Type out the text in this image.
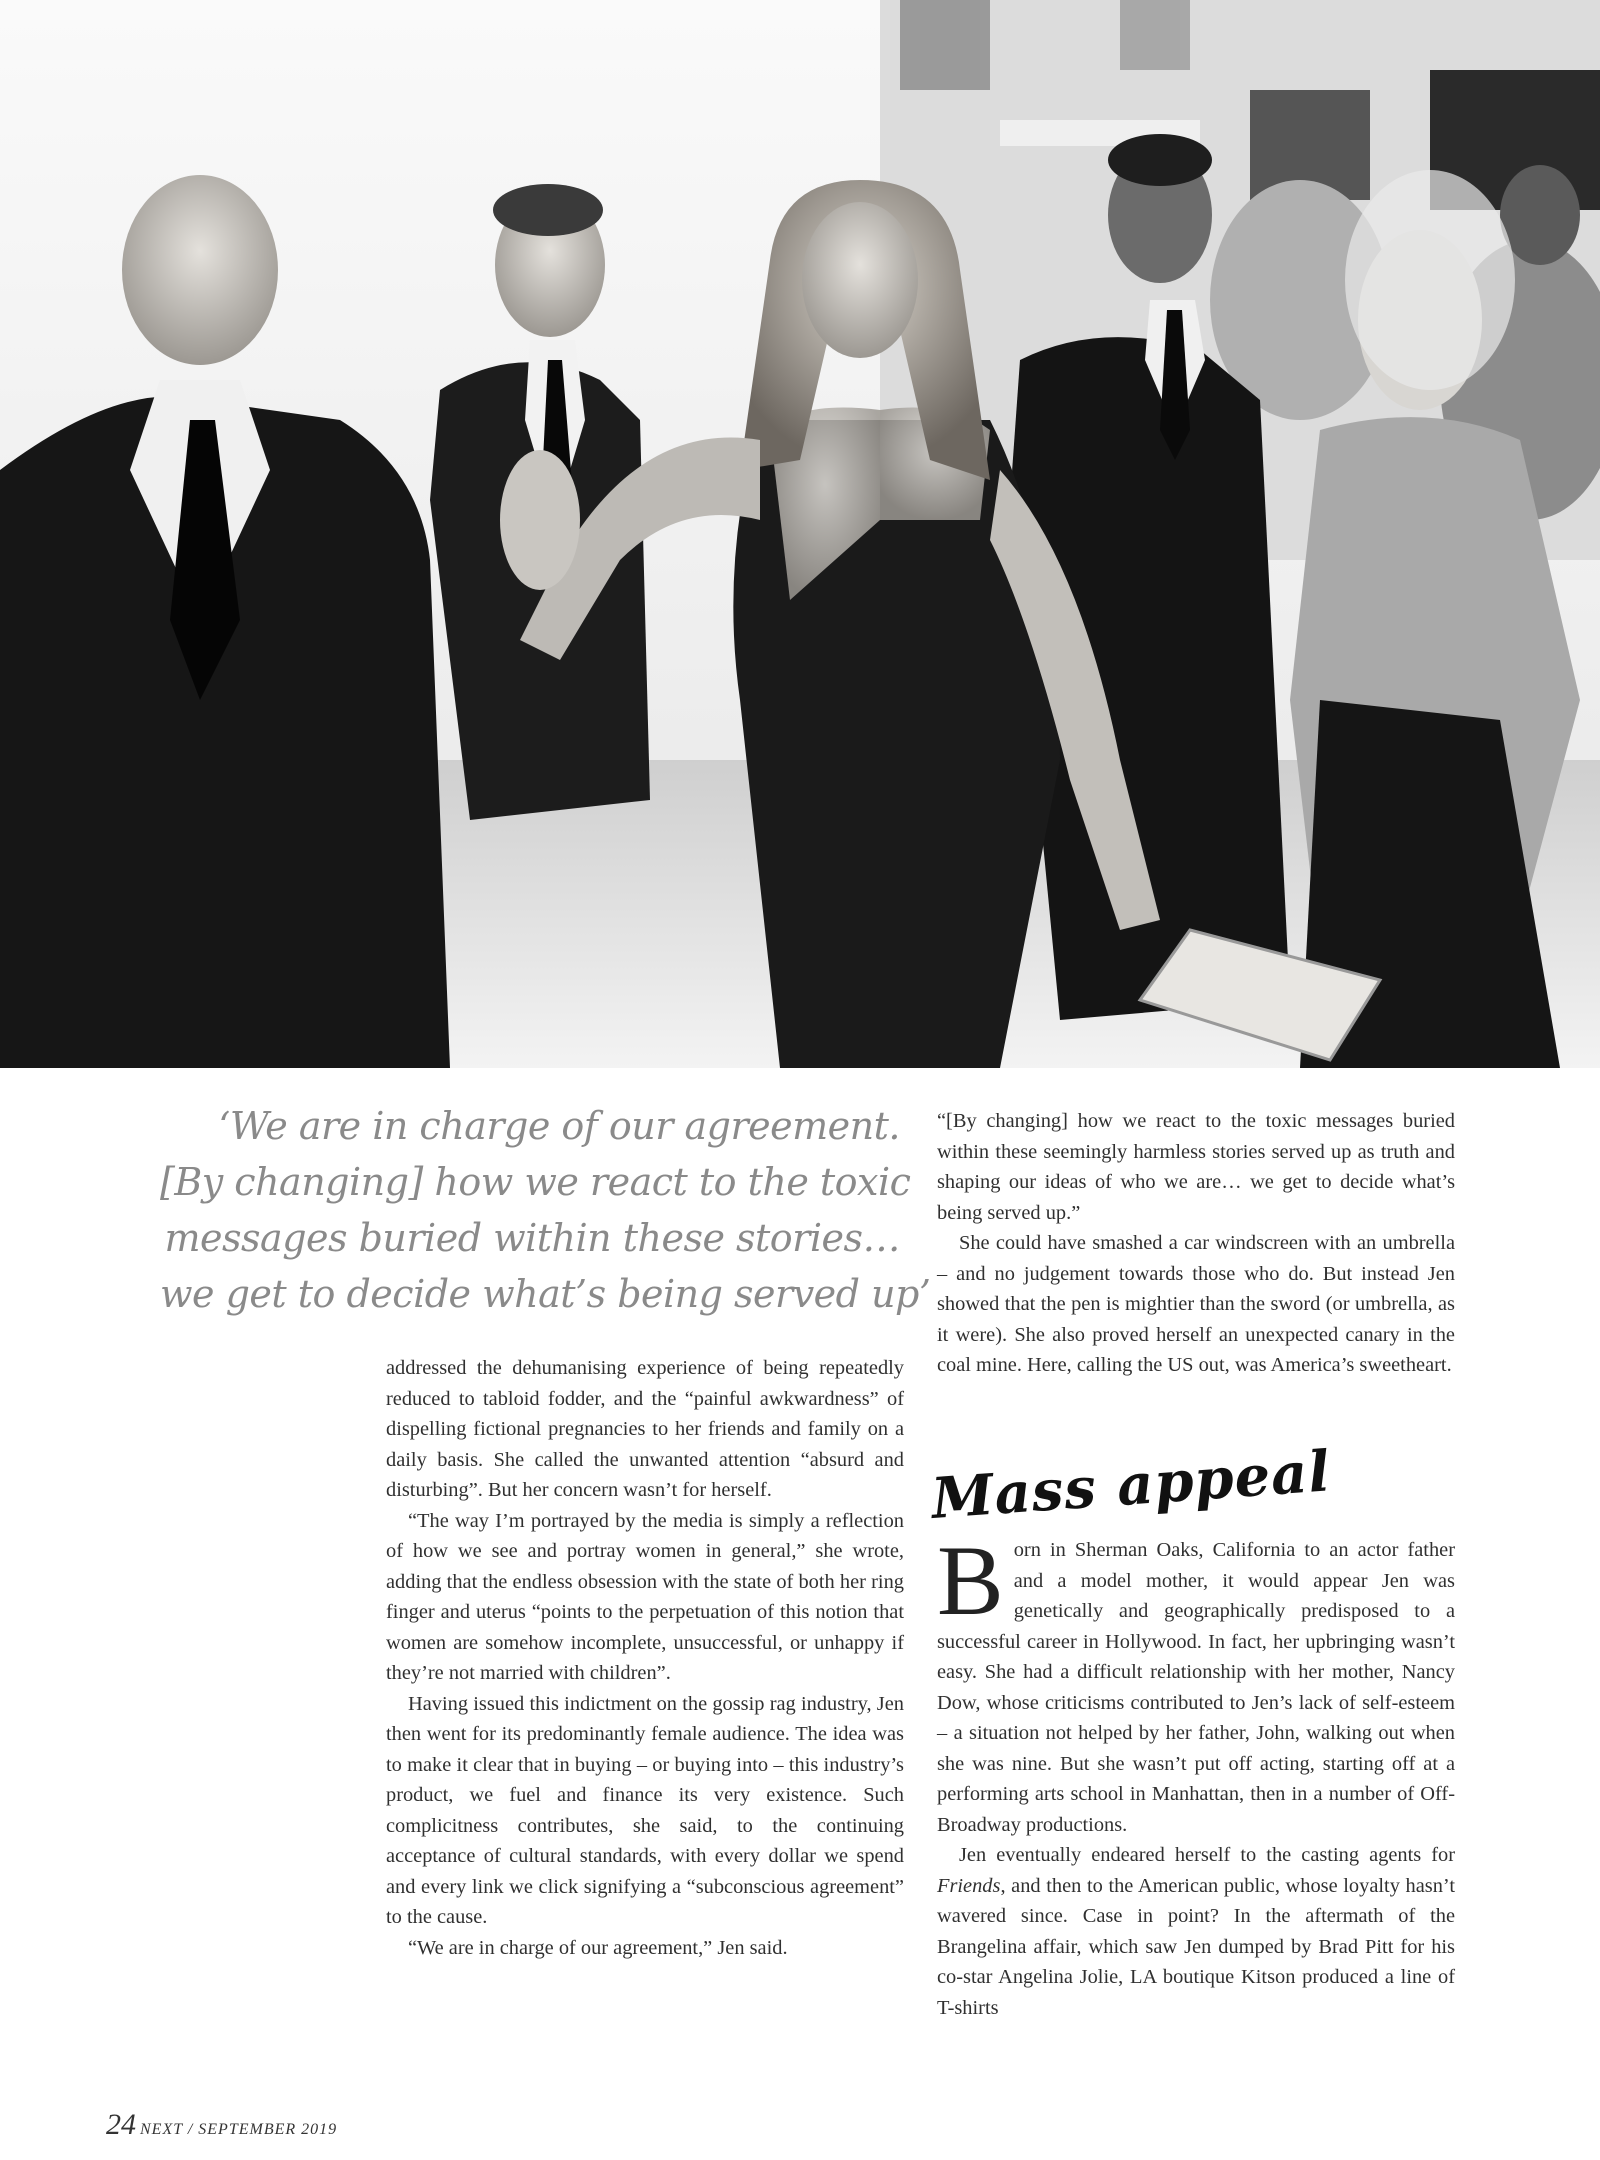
‘We are in charge of our agreement.
[By changing] how we react to the toxic
messages buried within these stories…
we get to decide what’s being served up’

addressed the dehumanising experience of being repeatedly reduced to tabloid fodder, and the “painful awkwardness” of dispelling fictional pregnancies to her friends and family on a daily basis. She called the unwanted attention “absurd and disturbing”. But her concern wasn’t for herself.

“The way I’m portrayed by the media is simply a reflection of how we see and portray women in general,” she wrote, adding that the endless obsession with the state of both her ring finger and uterus “points to the perpetuation of this notion that women are somehow incomplete, unsuccessful, or unhappy if they’re not married with children”.

Having issued this indictment on the gossip rag industry, Jen then went for its predominantly female audience. The idea was to make it clear that in buying – or buying into – this industry’s product, we fuel and finance its very existence. Such complicitness contributes, she said, to the continuing acceptance of cultural standards, with every dollar we spend and every link we click signifying a “subconscious agreement” to the cause.

“We are in charge of our agreement,” Jen said.

“[By changing] how we react to the toxic messages buried within these seemingly harmless stories served up as truth and shaping our ideas of who we are… we get to decide what’s being served up.”

She could have smashed a car windscreen with an umbrella – and no judgement towards those who do. But instead Jen showed that the pen is mightier than the sword (or umbrella, as it were). She also proved herself an unexpected canary in the coal mine. Here, calling the US out, was America’s sweetheart.

Mass appeal

Born in Sherman Oaks, California to an actor father and a model mother, it would appear Jen was genetically and geographically predisposed to a successful career in Hollywood. In fact, her upbringing wasn’t easy. She had a difficult relationship with her mother, Nancy Dow, whose criticisms contributed to Jen’s lack of self-esteem – a situation not helped by her father, John, walking out when she was nine. But she wasn’t put off acting, starting off at a performing arts school in Manhattan, then in a number of Off-Broadway productions.

Jen eventually endeared herself to the casting agents for Friends, and then to the American public, whose loyalty hasn’t wavered since. Case in point? In the aftermath of the Brangelina affair, which saw Jen dumped by Brad Pitt for his co-star Angelina Jolie, LA boutique Kitson produced a line of T-shirts

24 NEXT / SEPTEMBER 2019
